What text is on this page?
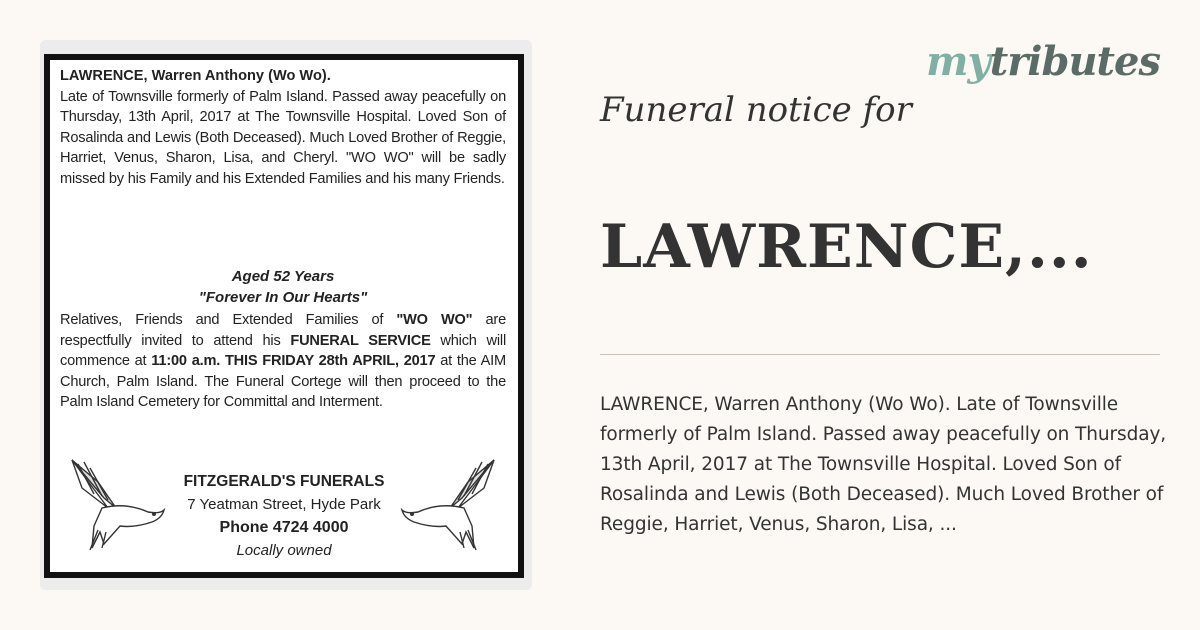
LAWRENCE, Warren Anthony (Wo Wo).

Late of Townsville formerly of Palm Island. Passed away peacefully on Thursday, 13th April, 2017 at The Townsville Hospital. Loved Son of Rosalinda and Lewis (Both Deceased). Much Loved Brother of Reggie, Harriet, Venus, Sharon, Lisa, and Cheryl. "WO WO" will be sadly missed by his Family and his Extended Families and his many Friends.

Aged 52 Years
"Forever In Our Hearts"

Relatives, Friends and Extended Families of "WO WO" are respectfully invited to attend his FUNERAL SERVICE which will commence at 11:00 a.m. THIS FRIDAY 28th APRIL, 2017 at the AIM Church, Palm Island. The Funeral Cortege will then proceed to the Palm Island Cemetery for Committal and Interment.

FITZGERALD'S FUNERALS
7 Yeatman Street, Hyde Park
Phone 4724 4000
Locally owned
mytributes
Funeral notice for
LAWRENCE,...

LAWRENCE, Warren Anthony (Wo Wo). Late of Townsville formerly of Palm Island. Passed away peacefully on Thursday, 13th April, 2017 at The Townsville Hospital. Loved Son of Rosalinda and Lewis (Both Deceased). Much Loved Brother of Reggie, Harriet, Venus, Sharon, Lisa, ...
